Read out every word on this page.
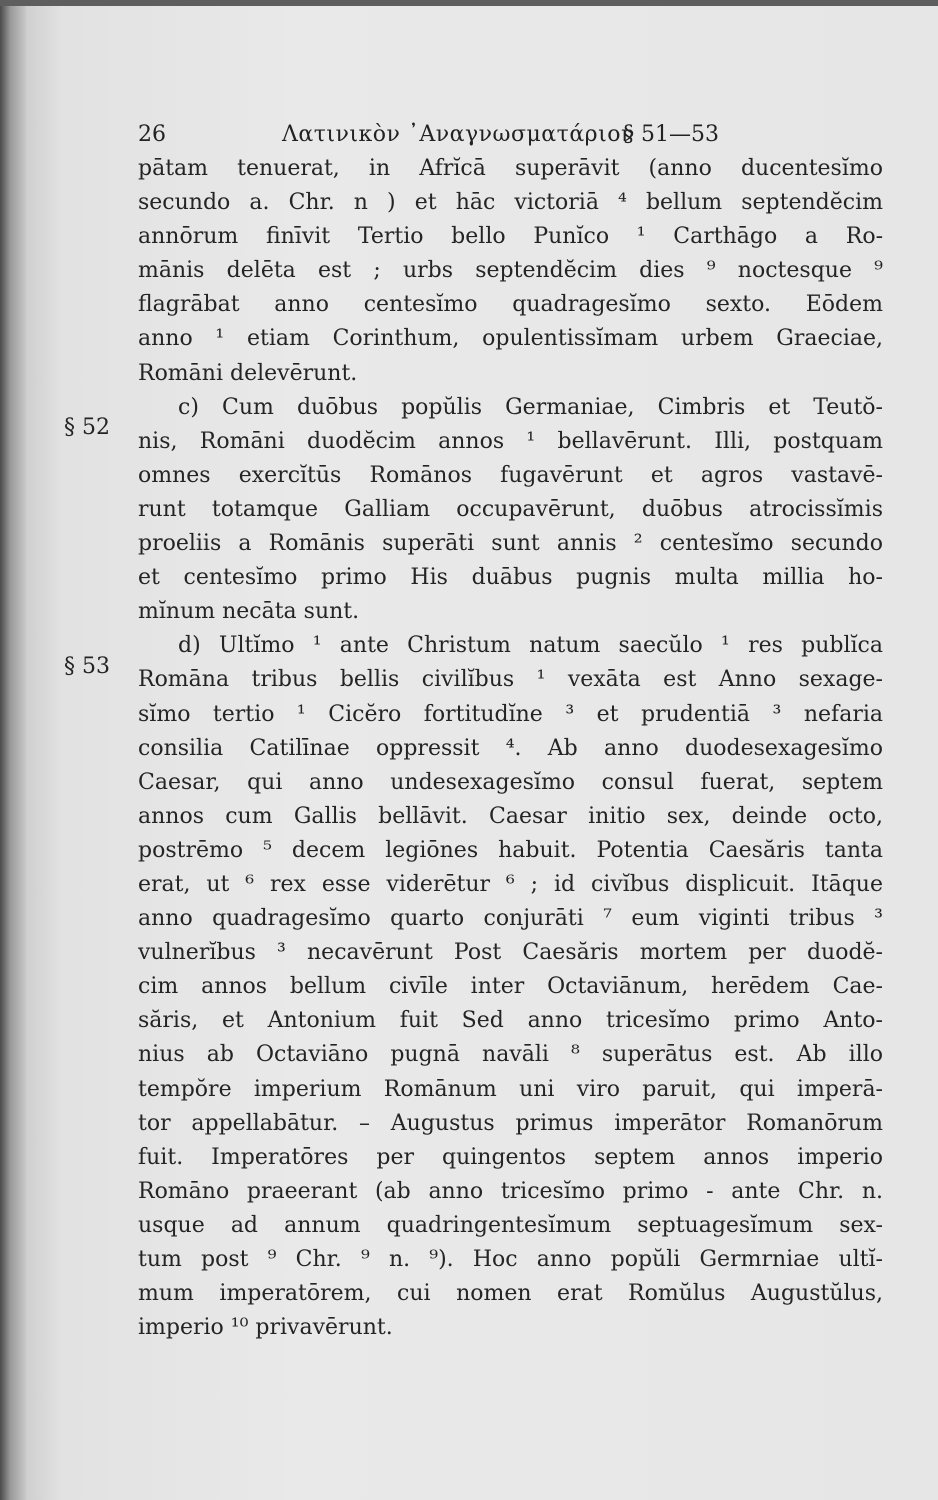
26	Λατινικὸν ᾿Αναγνωσματάριον
§ 51—53
§ 52
§ 53
pātam tenuerat, in Afrĭcā superāvit (anno ducentesĭmo
secundo a. Chr. n ) et hāc victoriā ⁴ bellum septendĕcim
annōrum finīvit Tertio bello Punĭco ¹ Carthāgo a Ro-
mānis delēta est ; urbs septendĕcim dies ⁹ noctesque ⁹
flagrābat anno centesĭmo quadragesĭmo sexto. Eōdem
anno ¹ etiam Corinthum, opulentissĭmam urbem Graeciae,
Romāni delevērunt.
c) Cum duōbus popŭlis Germaniae, Cimbris et Teutŏ-
nis, Romāni duodĕcim annos ¹ bellavērunt. Illi, postquam
omnes exercĭtūs Romānos fugavērunt et agros vastavē-
runt totamque Galliam occupavērunt, duōbus atrocissĭmis
proeliis a Romānis superāti sunt annis ² centesĭmo secundo
et centesĭmo primo His duābus pugnis multa millia ho-
mĭnum necāta sunt.
d) Ultĭmo ¹ ante Christum natum saecŭlo ¹ res publĭca
Romāna tribus bellis civilĭbus ¹ vexāta est Anno sexage-
sĭmo tertio ¹ Cicĕro fortitudĭne ³ et prudentiā ³ nefaria
consilia Catilīnae oppressit ⁴. Ab anno duodesexagesĭmo
Caesar, qui anno undesexagesĭmo consul fuerat, septem
annos cum Gallis bellāvit. Caesar initio sex, deinde octo,
postrēmo ⁵ decem legiōnes habuit. Potentia Caesăris tanta
erat, ut ⁶ rex esse viderētur ⁶ ; id civĭbus displicuit. Itāque
anno quadragesĭmo quarto conjurāti ⁷ eum viginti tribus ³
vulnerĭbus ³ necavērunt Post Caesăris mortem per duodĕ-
cim annos bellum civīle inter Octaviānum, herēdem Cae-
săris, et Antonium fuit Sed anno tricesĭmo primo Anto-
nius ab Octaviāno pugnā navāli ⁸ superātus est. Ab illo
tempŏre imperium Romānum uni viro paruit, qui imperā-
tor appellabātur. – Augustus primus imperātor Romanōrum
fuit. Imperatōres per quingentos septem annos imperio
Romāno praeerant (ab anno tricesĭmo primo - ante Chr. n.
usque ad annum quadringentesĭmum septuagesĭmum sex-
tum post ⁹ Chr. ⁹ n. ⁹). Hoc anno popŭli Germrniae ultĭ-
mum imperatōrem, cui nomen erat Romŭlus Augustŭlus,
imperio ¹⁰ privavērunt.
